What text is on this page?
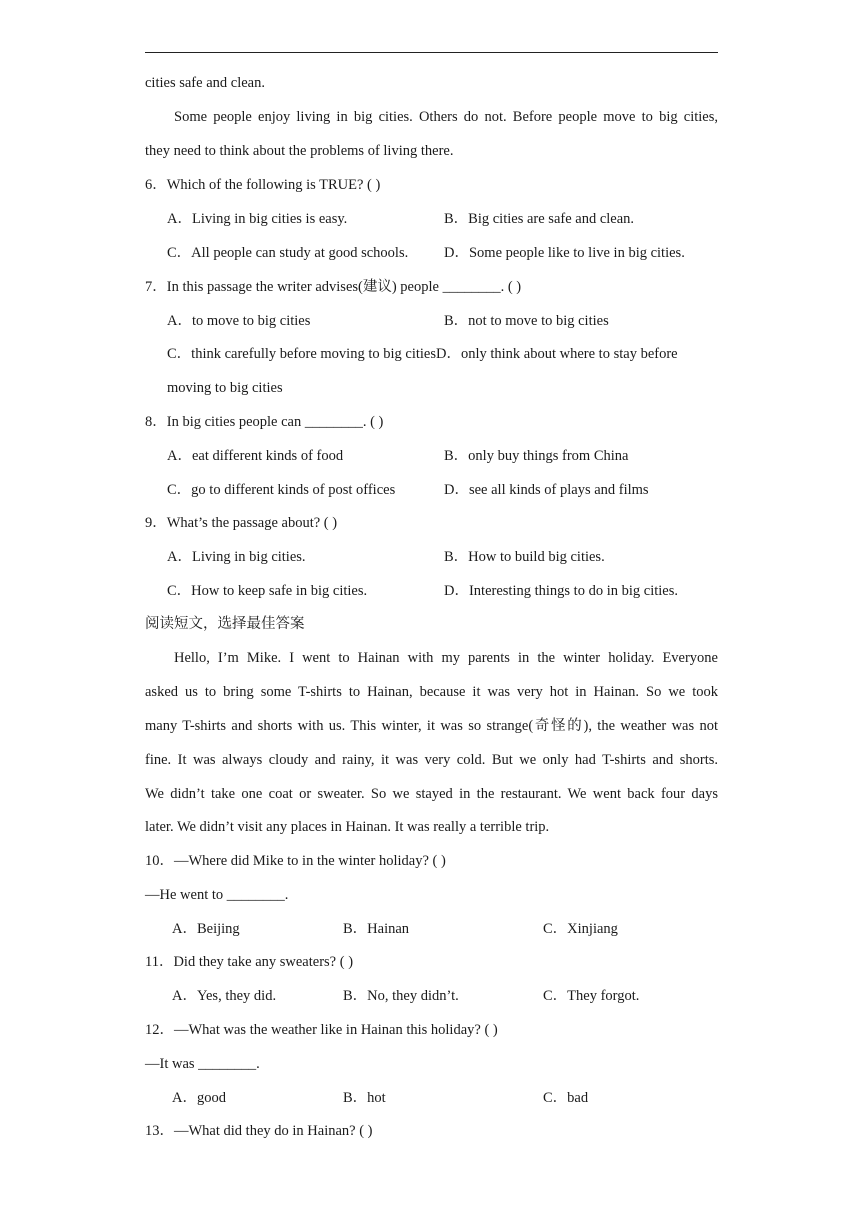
cities safe and clean.
Some people enjoy living in big cities. Others do not. Before people move to big cities,
they need to think about the problems of living there.
6．Which of the following is TRUE? ( )
A．Living in big cities is easy.	B．Big cities are safe and clean.
C．All people can study at good schools. D．Some people like to live in big cities.
7．In this passage the writer advises(建议) people ________. ( )
A．to move to big cities	B．not to move to big cities
C．think carefully before moving to big citiesD．only think about where to stay before
moving to big cities
8．In big cities people can ________. ( )
A．eat different kinds of food	B．only buy things from China
C．go to different kinds of post offices	D．see all kinds of plays and films
9．What’s the passage about? ( )
A．Living in big cities.	B．How to build big cities.
C．How to keep safe in big cities.	D．Interesting things to do in big cities.
阅读短文，选择最佳答案
Hello, I’m Mike. I went to Hainan with my parents in the winter holiday. Everyone
asked us to bring some T-shirts to Hainan, because it was very hot in Hainan. So we took
many T-shirts and shorts with us. This winter, it was so strange(奇怪的), the weather was not
fine. It was always cloudy and rainy, it was very cold. But we only had T-shirts and shorts.
We didn’t take one coat or sweater. So we stayed in the restaurant. We went back four days
later. We didn’t visit any places in Hainan. It was really a terrible trip.
10．—Where did Mike to in the winter holiday? ( )
—He went to ________.
A．Beijing	B．Hainan	C．Xinjiang
11．Did they take any sweaters? ( )
A．Yes, they did.	B．No, they didn’t.	C．They forgot.
12．—What was the weather like in Hainan this holiday? ( )
—It was ________.
A．good	B．hot	C．bad
13．—What did they do in Hainan? ( )
